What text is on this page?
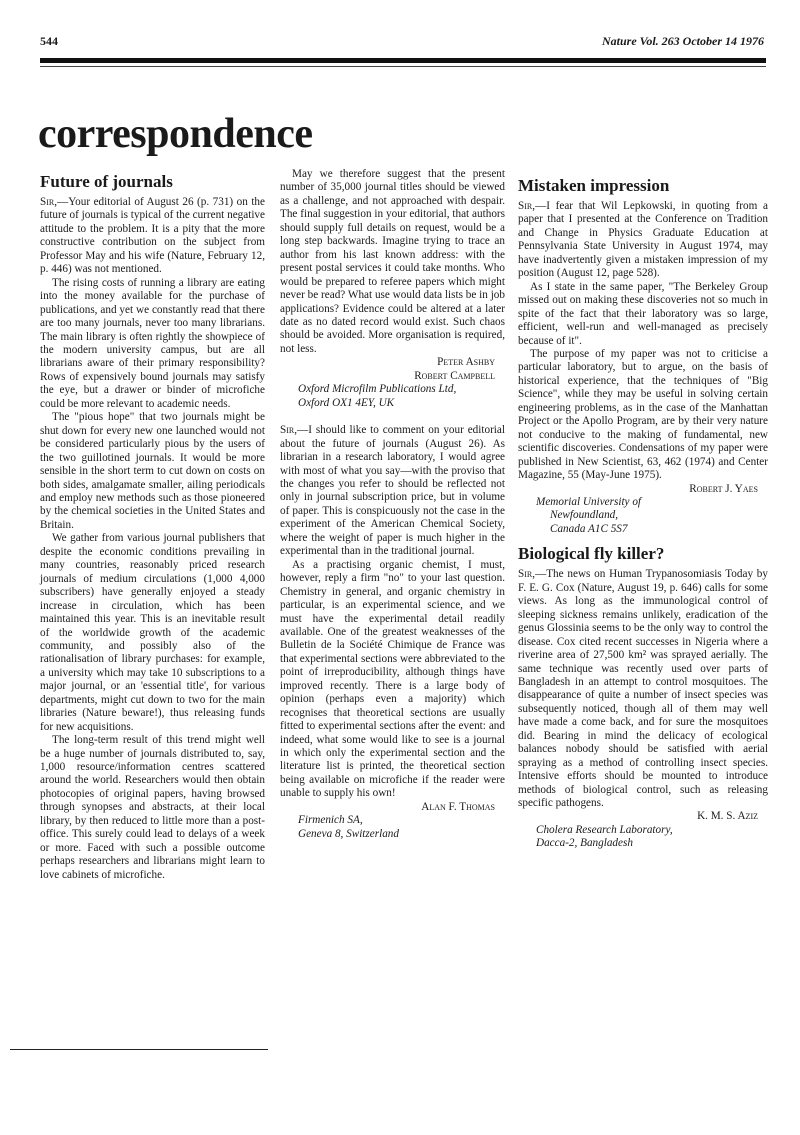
544	Nature Vol. 263 October 14 1976
correspondence
Future of journals

Sir,—Your editorial of August 26 (p. 731) on the future of journals is typical of the current negative attitude to the problem. It is a pity that the more constructive contribution on the subject from Professor May and his wife (Nature, February 12, p. 446) was not mentioned.

The rising costs of running a library are eating into the money available for the purchase of publications, and yet we constantly read that there are too many journals, never too many librarians. The main library is often rightly the showpiece of the modern university campus, but are all librarians aware of their primary responsibility? Rows of expensively bound journals may satisfy the eye, but a drawer or binder of microfiche could be more relevant to academic needs.

The "pious hope" that two journals might be shut down for every new one launched would not be considered particularly pious by the users of the two guillotined journals. It would be more sensible in the short term to cut down on costs on both sides, amalgamate smaller, ailing periodicals and employ new methods such as those pioneered by the chemical societies in the United States and Britain.

We gather from various journal publishers that despite the economic conditions prevailing in many countries, reasonably priced research journals of medium circulations (1,000 4,000 subscribers) have generally enjoyed a steady increase in circulation, which has been maintained this year. This is an inevitable result of the worldwide growth of the academic community, and possibly also of the rationalisation of library purchases: for example, a university which may take 10 subscriptions to a major journal, or an 'essential title', for various departments, might cut down to two for the main libraries (Nature beware!), thus releasing funds for new acquisitions.

The long-term result of this trend might well be a huge number of journals distributed to, say, 1,000 resource/information centres scattered around the world. Researchers would then obtain photocopies of original papers, having browsed through synopses and abstracts, at their local library, by then reduced to little more than a post-office. This surely could lead to delays of a week or more. Faced with such a possible outcome perhaps researchers and librarians might learn to love cabinets of microfiche.

May we therefore suggest that the present number of 35,000 journal titles should be viewed as a challenge, and not approached with despair. The final suggestion in your editorial, that authors should supply full details on request, would be a long step backwards. Imagine trying to trace an author from his last known address: with the present postal services it could take months. Who would be prepared to referee papers which might never be read? What use would data lists be in job applications? Evidence could be altered at a later date as no dated record would exist. Such chaos should be avoided. More organisation is required, not less.

Peter Ashby

Robert Campbell

Oxford Microfilm Publications Ltd,

Oxford OX1 4EY, UK

Sir,—I should like to comment on your editorial about the future of journals (August 26). As librarian in a research laboratory, I would agree with most of what you say—with the proviso that the changes you refer to should be reflected not only in journal subscription price, but in volume of paper. This is conspicuously not the case in the experiment of the American Chemical Society, where the weight of paper is much higher in the experimental than in the traditional journal.

As a practising organic chemist, I must, however, reply a firm "no" to your last question. Chemistry in general, and organic chemistry in particular, is an experimental science, and we must have the experimental detail readily available. One of the greatest weaknesses of the Bulletin de la Société Chimique de France was that experimental sections were abbreviated to the point of irreproducibility, although things have improved recently. There is a large body of opinion (perhaps even a majority) which recognises that theoretical sections are usually fitted to experimental sections after the event: and indeed, what some would like to see is a journal in which only the experimental section and the literature list is printed, the theoretical section being available on microfiche if the reader were unable to supply his own!

Alan F. Thomas

Firmenich SA,

Geneva 8, Switzerland

Mistaken impression

Sir,—I fear that Wil Lepkowski, in quoting from a paper that I presented at the Conference on Tradition and Change in Physics Graduate Education at Pennsylvania State University in August 1974, may have inadvertently given a mistaken impression of my position (August 12, page 528).

As I state in the same paper, "The Berkeley Group missed out on making these discoveries not so much in spite of the fact that their laboratory was so large, efficient, well-run and well-managed as precisely because of it".

The purpose of my paper was not to criticise a particular laboratory, but to argue, on the basis of historical experience, that the techniques of "Big Science", while they may be useful in solving certain engineering problems, as in the case of the Manhattan Project or the Apollo Program, are by their very nature not conducive to the making of fundamental, new scientific discoveries. Condensations of my paper were published in New Scientist, 63, 462 (1974) and Center Magazine, 55 (May-June 1975).

Robert J. Yaes

Memorial University of

Newfoundland,

Canada A1C 5S7

Biological fly killer?

Sir,—The news on Human Trypanosomiasis Today by F. E. G. Cox (Nature, August 19, p. 646) calls for some views. As long as the immunological control of sleeping sickness remains unlikely, eradication of the genus Glossinia seems to be the only way to control the disease. Cox cited recent successes in Nigeria where a riverine area of 27,500 km² was sprayed aerially. The same technique was recently used over parts of Bangladesh in an attempt to control mosquitoes. The disappearance of quite a number of insect species was subsequently noticed, though all of them may well have made a come back, and for sure the mosquitoes did. Bearing in mind the delicacy of ecological balances nobody should be satisfied with aerial spraying as a method of controlling insect species. Intensive efforts should be mounted to introduce methods of biological control, such as releasing specific pathogens.

K. M. S. Aziz

Cholera Research Laboratory,

Dacca-2, Bangladesh
